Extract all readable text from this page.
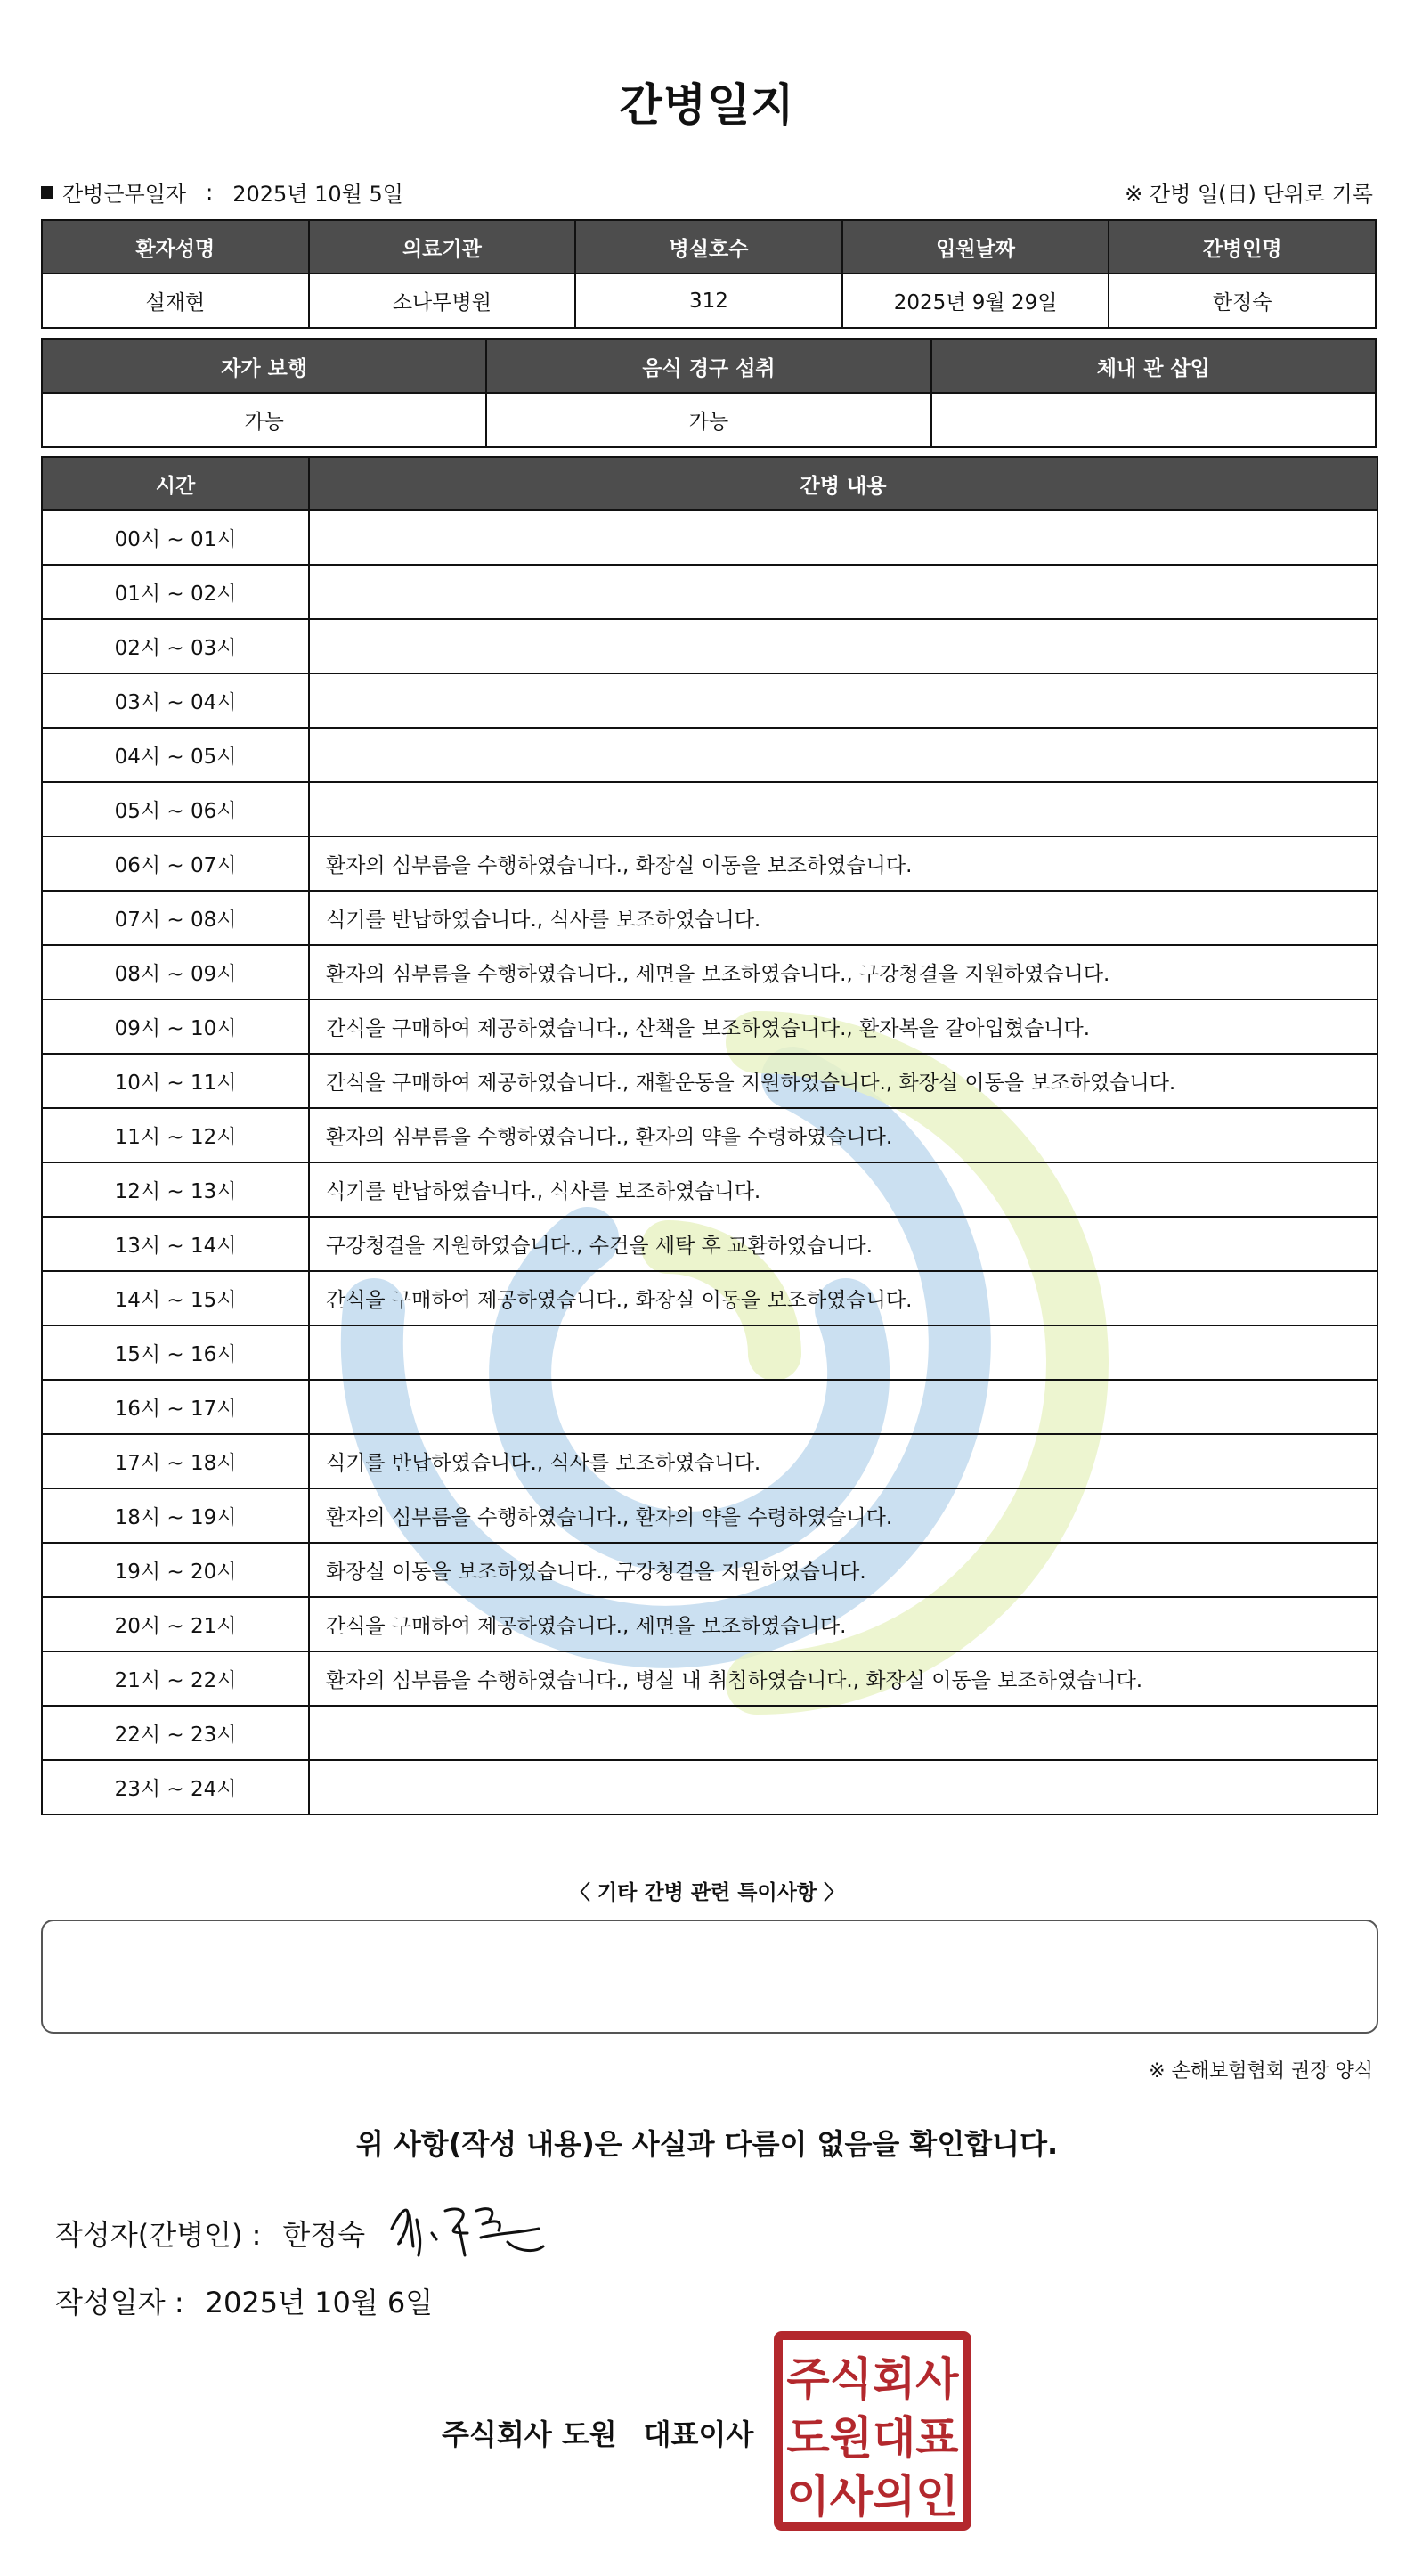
간병일지
간병근무일자 : 2025년 10월 5일	※ 간병 일(日) 단위로 기록
환자성명	의료기관	병실호수	입원날짜	간병인명
설재현	소나무병원	312	2025년 9월 29일	한정숙
자가 보행	음식 경구 섭취	체내 관 삽입
가능	가능	
시간	간병 내용
00시 ~ 01시	
01시 ~ 02시	
02시 ~ 03시	
03시 ~ 04시	
04시 ~ 05시	
05시 ~ 06시	
06시 ~ 07시	환자의 심부름을 수행하였습니다., 화장실 이동을 보조하였습니다.
07시 ~ 08시	식기를 반납하였습니다., 식사를 보조하였습니다.
08시 ~ 09시	환자의 심부름을 수행하였습니다., 세면을 보조하였습니다., 구강청결을 지원하였습니다.
09시 ~ 10시	간식을 구매하여 제공하였습니다., 산책을 보조하였습니다., 환자복을 갈아입혔습니다.
10시 ~ 11시	간식을 구매하여 제공하였습니다., 재활운동을 지원하였습니다., 화장실 이동을 보조하였습니다.
11시 ~ 12시	환자의 심부름을 수행하였습니다., 환자의 약을 수령하였습니다.
12시 ~ 13시	식기를 반납하였습니다., 식사를 보조하였습니다.
13시 ~ 14시	구강청결을 지원하였습니다., 수건을 세탁 후 교환하였습니다.
14시 ~ 15시	간식을 구매하여 제공하였습니다., 화장실 이동을 보조하였습니다.
15시 ~ 16시	
16시 ~ 17시	
17시 ~ 18시	식기를 반납하였습니다., 식사를 보조하였습니다.
18시 ~ 19시	환자의 심부름을 수행하였습니다., 환자의 약을 수령하였습니다.
19시 ~ 20시	화장실 이동을 보조하였습니다., 구강청결을 지원하였습니다.
20시 ~ 21시	간식을 구매하여 제공하였습니다., 세면을 보조하였습니다.
21시 ~ 22시	환자의 심부름을 수행하였습니다., 병실 내 취침하였습니다., 화장실 이동을 보조하였습니다.
22시 ~ 23시	
23시 ~ 24시	
〈 기타 간병 관련 특이사항 〉
※ 손해보험협회 권장 양식
위 사항(작성 내용)은 사실과 다름이 없음을 확인합니다.
작성자(간병인) : 한정숙
작성일자 : 2025년 10월 6일
주식회사 도원 대표이사
주식회사
도원대표
이사의인
